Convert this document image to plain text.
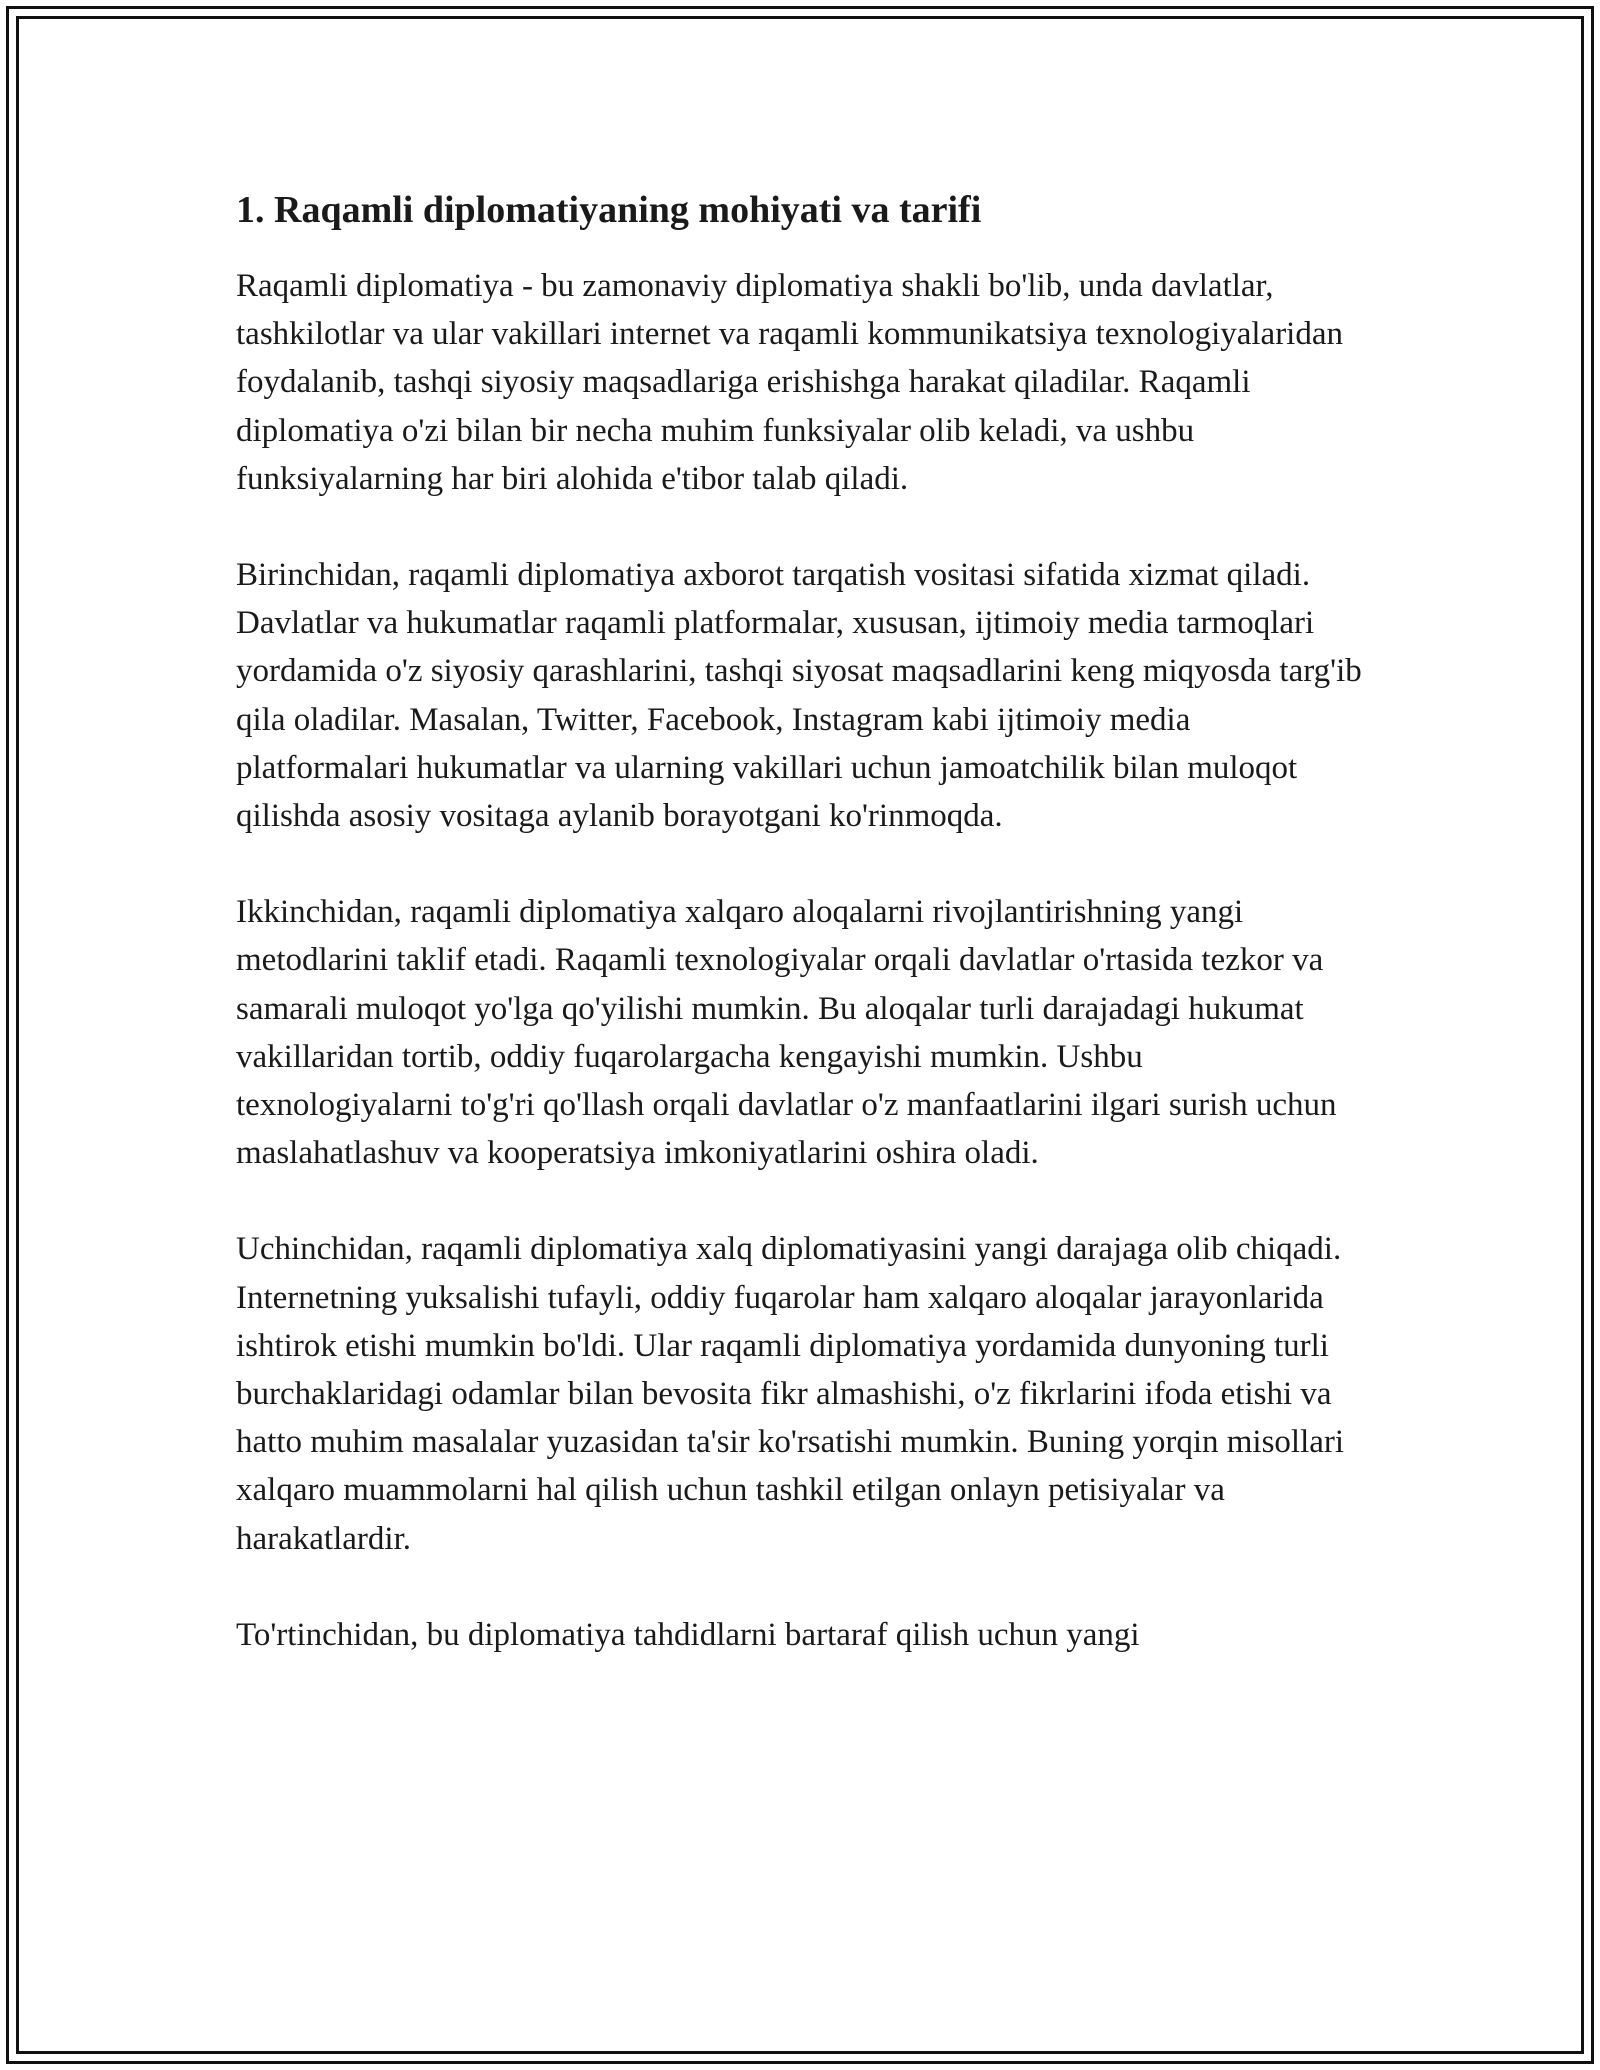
1. Raqamli diplomatiyaning mohiyati va tarifi

Raqamli diplomatiya - bu zamonaviy diplomatiya shakli bo'lib, unda davlatlar, tashkilotlar va ular vakillari internet va raqamli kommunikatsiya texnologiyalaridan foydalanib, tashqi siyosiy maqsadlariga erishishga harakat qiladilar. Raqamli diplomatiya o'zi bilan bir necha muhim funksiyalar olib keladi, va ushbu funksiyalarning har biri alohida e'tibor talab qiladi.

Birinchidan, raqamli diplomatiya axborot tarqatish vositasi sifatida xizmat qiladi. Davlatlar va hukumatlar raqamli platformalar, xususan, ijtimoiy media tarmoqlari yordamida o'z siyosiy qarashlarini, tashqi siyosat maqsadlarini keng miqyosda targ'ib qila oladilar. Masalan, Twitter, Facebook, Instagram kabi ijtimoiy media platformalari hukumatlar va ularning vakillari uchun jamoatchilik bilan muloqot qilishda asosiy vositaga aylanib borayotgani ko'rinmoqda.

Ikkinchidan, raqamli diplomatiya xalqaro aloqalarni rivojlantirishning yangi metodlarini taklif etadi. Raqamli texnologiyalar orqali davlatlar o'rtasida tezkor va samarali muloqot yo'lga qo'yilishi mumkin. Bu aloqalar turli darajadagi hukumat vakillaridan tortib, oddiy fuqarolargacha kengayishi mumkin. Ushbu texnologiyalarni to'g'ri qo'llash orqali davlatlar o'z manfaatlarini ilgari surish uchun maslahatlashuv va kooperatsiya imkoniyatlarini oshira oladi.

Uchinchidan, raqamli diplomatiya xalq diplomatiyasini yangi darajaga olib chiqadi. Internetning yuksalishi tufayli, oddiy fuqarolar ham xalqaro aloqalar jarayonlarida ishtirok etishi mumkin bo'ldi. Ular raqamli diplomatiya yordamida dunyoning turli burchaklaridagi odamlar bilan bevosita fikr almashishi, o'z fikrlarini ifoda etishi va hatto muhim masalalar yuzasidan ta'sir ko'rsatishi mumkin. Buning yorqin misollari xalqaro muammolarni hal qilish uchun tashkil etilgan onlayn petisiyalar va harakatlardir.

To'rtinchidan, bu diplomatiya tahdidlarni bartaraf qilish uchun yangi
